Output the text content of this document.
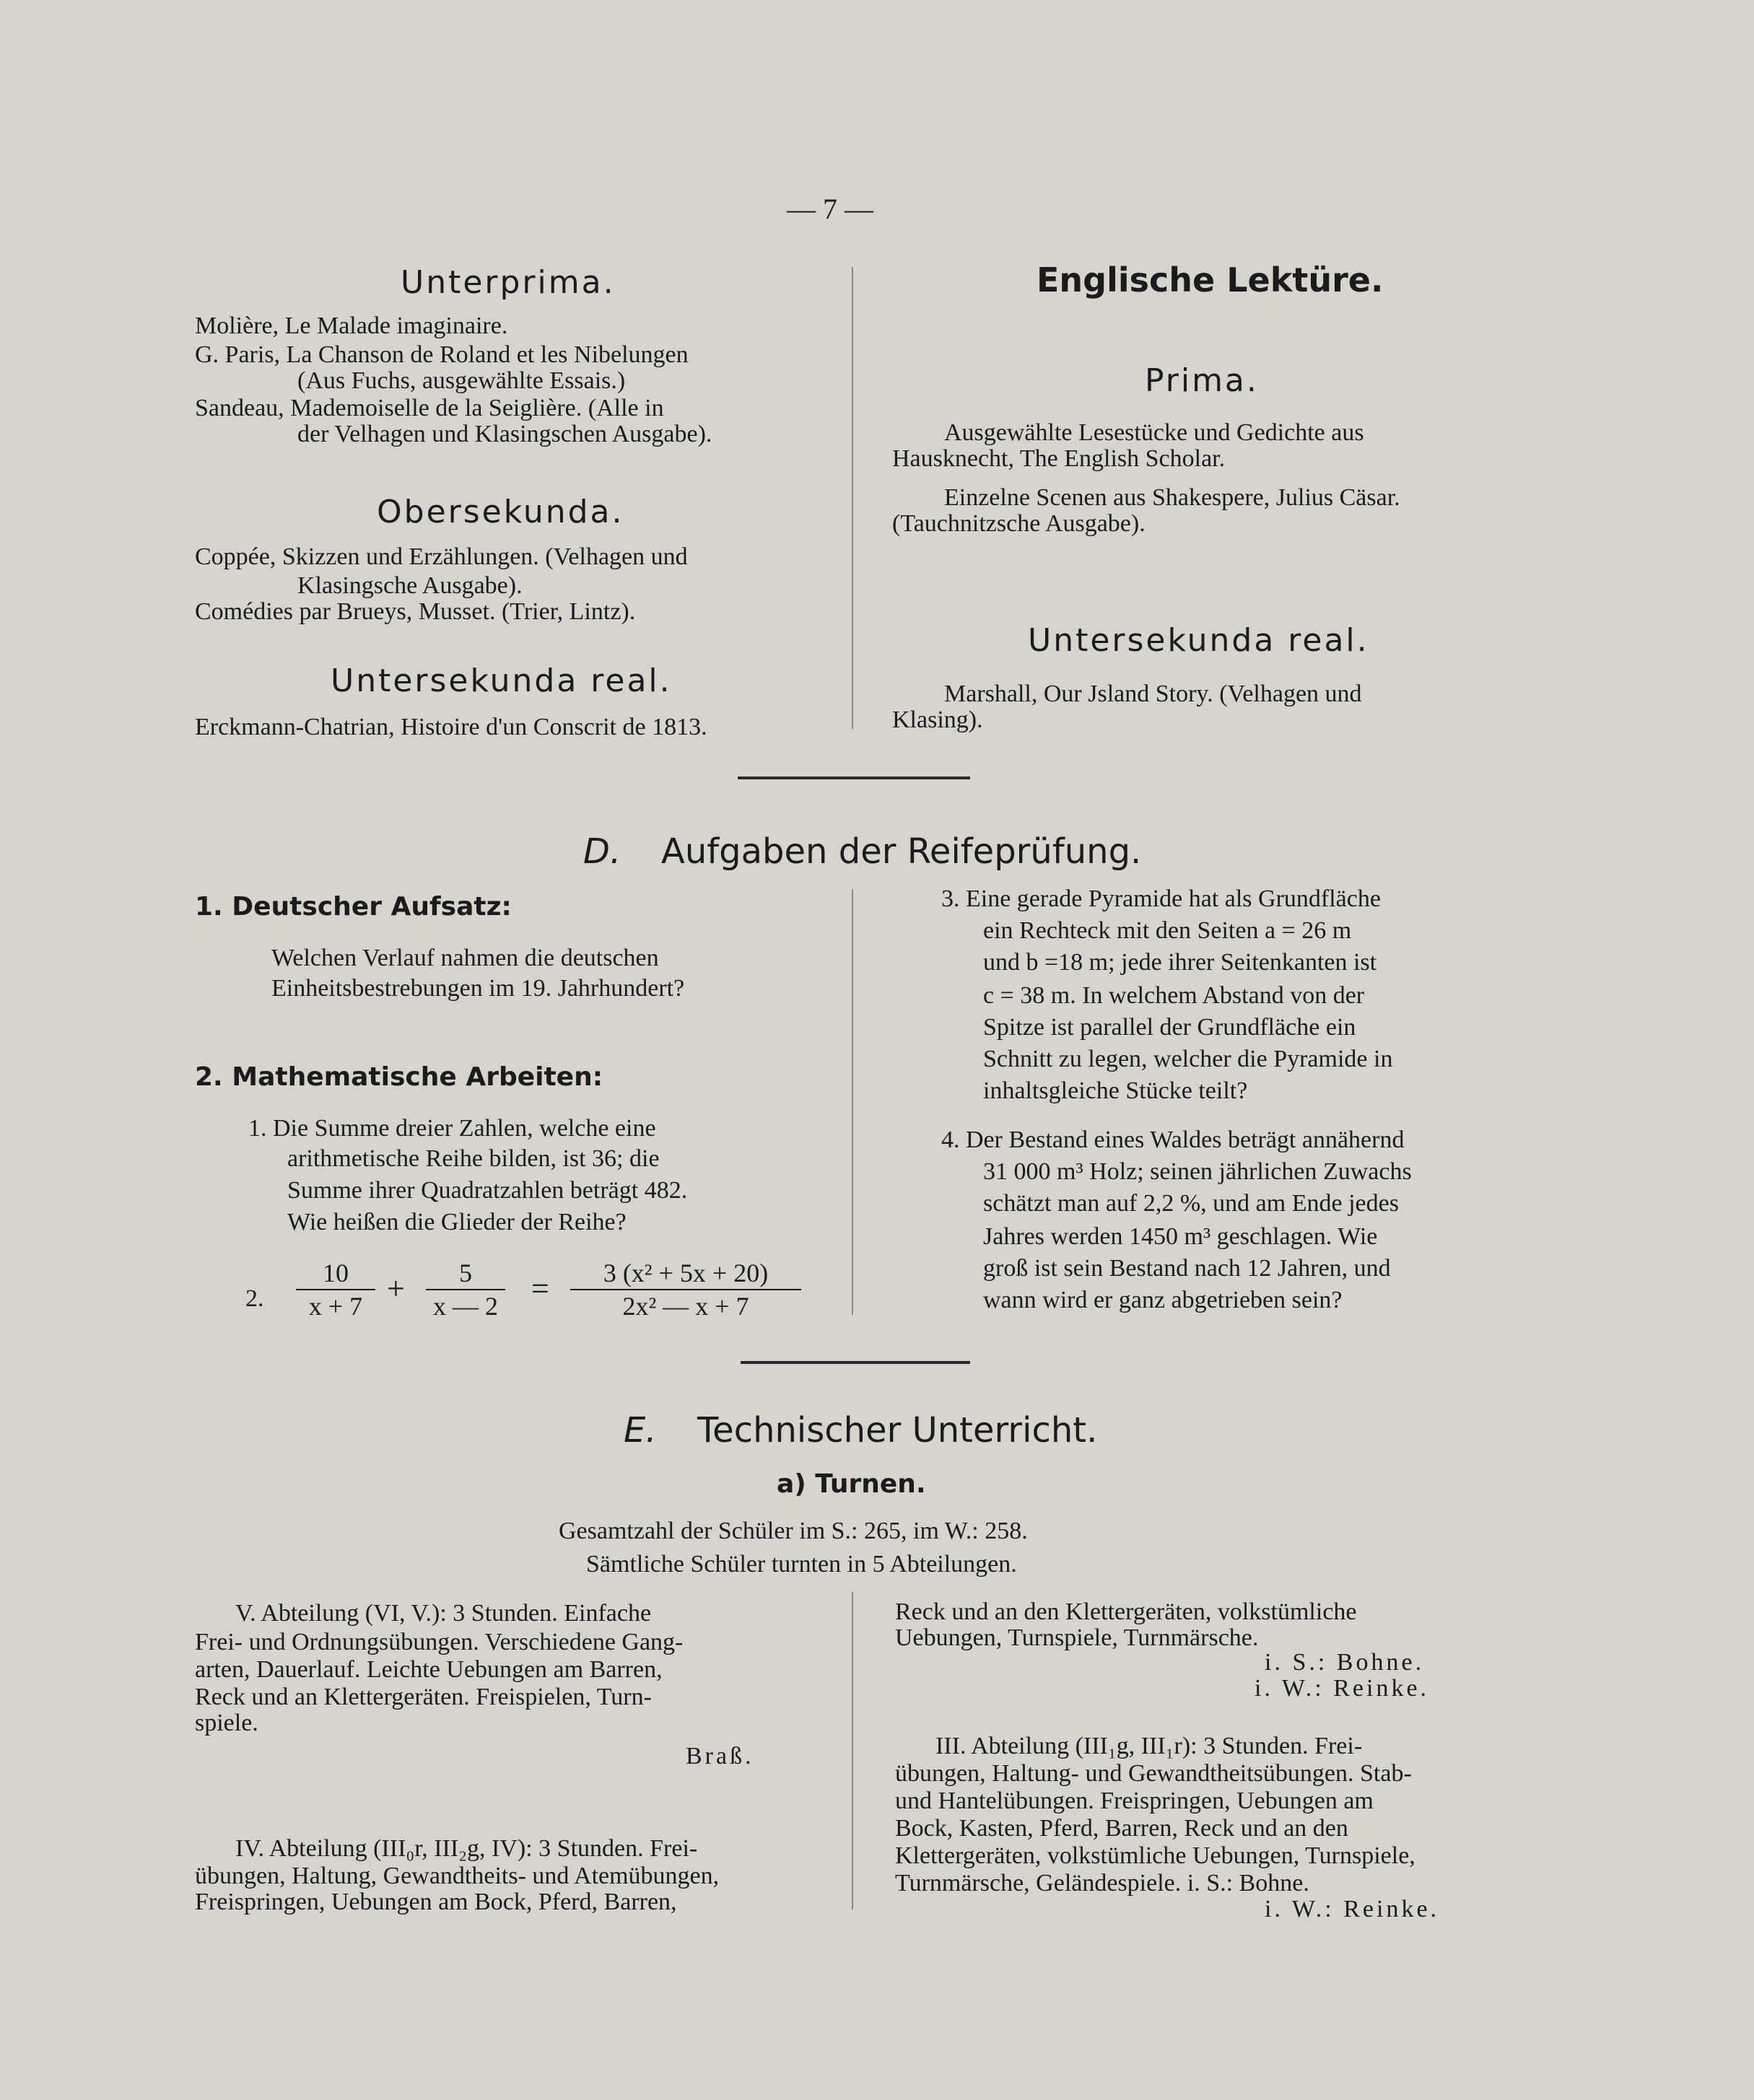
— 7 —
Unterprima.
Molière, Le Malade imaginaire.
G. Paris, La Chanson de Roland et les Nibelungen
(Aus Fuchs, ausgewählte Essais.)
Sandeau, Mademoiselle de la Seiglière. (Alle in
der Velhagen und Klasingschen Ausgabe).
Obersekunda.
Coppée, Skizzen und Erzählungen. (Velhagen und
Klasingsche Ausgabe).
Comédies par Brueys, Musset. (Trier, Lintz).
Untersekunda real.
Erckmann-Chatrian, Histoire d'un Conscrit de 1813.
Englische Lektüre.
Prima.
Ausgewählte Lesestücke und Gedichte aus
Hausknecht, The English Scholar.
Einzelne Scenen aus Shakespere, Julius Cäsar.
(Tauchnitzsche Ausgabe).
Untersekunda real.
Marshall, Our Jsland Story. (Velhagen und
Klasing).
D. Aufgaben der Reifeprüfung.
1. Deutscher Aufsatz:
Welchen Verlauf nahmen die deutschen
Einheitsbestrebungen im 19. Jahrhundert?
2. Mathematische Arbeiten:
1. Die Summe dreier Zahlen, welche eine
arithmetische Reihe bilden, ist 36; die
Summe ihrer Quadratzahlen beträgt 482.
Wie heißen die Glieder der Reihe?
2.
10
x + 7 +	5
x — 2 =	3 (x² + 5x + 20)
2x² — x + 7
3. Eine gerade Pyramide hat als Grundfläche
ein Rechteck mit den Seiten a = 26 m
und b =18 m; jede ihrer Seitenkanten ist
c = 38 m. In welchem Abstand von der
Spitze ist parallel der Grundfläche ein
Schnitt zu legen, welcher die Pyramide in
inhaltsgleiche Stücke teilt?
4. Der Bestand eines Waldes beträgt annähernd
31 000 m³ Holz; seinen jährlichen Zuwachs
schätzt man auf 2,2 %, und am Ende jedes
Jahres werden 1450 m³ geschlagen. Wie
groß ist sein Bestand nach 12 Jahren, und
wann wird er ganz abgetrieben sein?
E. Technischer Unterricht.
a) Turnen.
Gesamtzahl der Schüler im S.: 265, im W.: 258.
Sämtliche Schüler turnten in 5 Abteilungen.
V. Abteilung (VI, V.): 3 Stunden. Einfache
Frei- und Ordnungsübungen. Verschiedene Gang-
arten, Dauerlauf. Leichte Uebungen am Barren,
Reck und an Klettergeräten. Freispielen, Turn-
spiele.
Braß.
IV. Abteilung (III₀r, III₂g, IV): 3 Stunden. Frei-
übungen, Haltung, Gewandtheits- und Atemübungen,
Freispringen, Uebungen am Bock, Pferd, Barren,
Reck und an den Klettergeräten, volkstümliche
Uebungen, Turnspiele, Turnmärsche.
i. S.: Bohne.
i. W.: Reinke.
III. Abteilung (III₁g, III₁r): 3 Stunden. Frei-
übungen, Haltung- und Gewandtheitsübungen. Stab-
und Hantelübungen. Freispringen, Uebungen am
Bock, Kasten, Pferd, Barren, Reck und an den
Klettergeräten, volkstümliche Uebungen, Turnspiele,
Turnmärsche, Geländespiele. i. S.: Bohne.
i. W.: Reinke.
